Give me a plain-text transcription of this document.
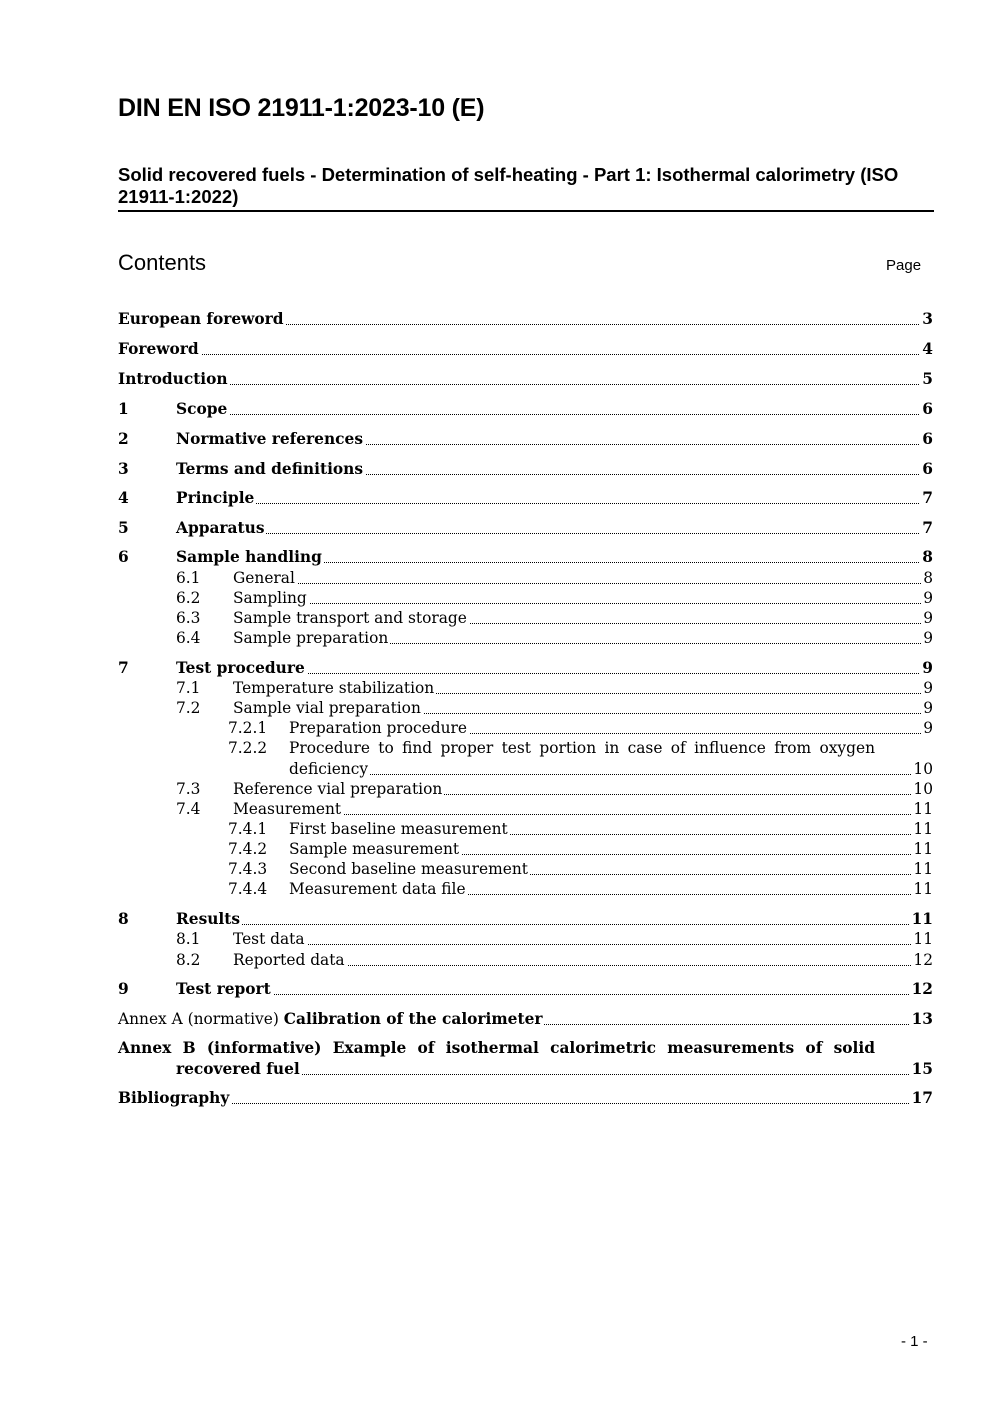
DIN EN ISO 21911-1:2023-10 (E)
Solid recovered fuels - Determination of self-heating - Part 1: Isothermal calorimetry (ISO 21911-1:2022)
Contents	Page
European foreword	3
Foreword	4
Introduction	5
1	Scope	6
2	Normative references	6
3	Terms and definitions	6
4	Principle	7
5	Apparatus	7
6	Sample handling	8
6.1 General	8
6.2 Sampling	9
6.3 Sample transport and storage	9
6.4 Sample preparation	9
7	Test procedure	9
7.1 Temperature stabilization	9
7.2 Sample vial preparation	9
7.2.1 Preparation procedure	9
7.2.2 Procedure to find proper test portion in case of influence from oxygen
deficiency	10
7.3 Reference vial preparation	10
7.4 Measurement	11
7.4.1 First baseline measurement	11
7.4.2 Sample measurement	11
7.4.3 Second baseline measurement	11
7.4.4 Measurement data file	11
8	Results	11
8.1 Test data	11
8.2 Reported data	12
9	Test report	12
Annex A (normative) Calibration of the calorimeter	13
Annex B (informative) Example of isothermal calorimetric measurements of solid
recovered fuel	15
Bibliography	17
- 1 -
